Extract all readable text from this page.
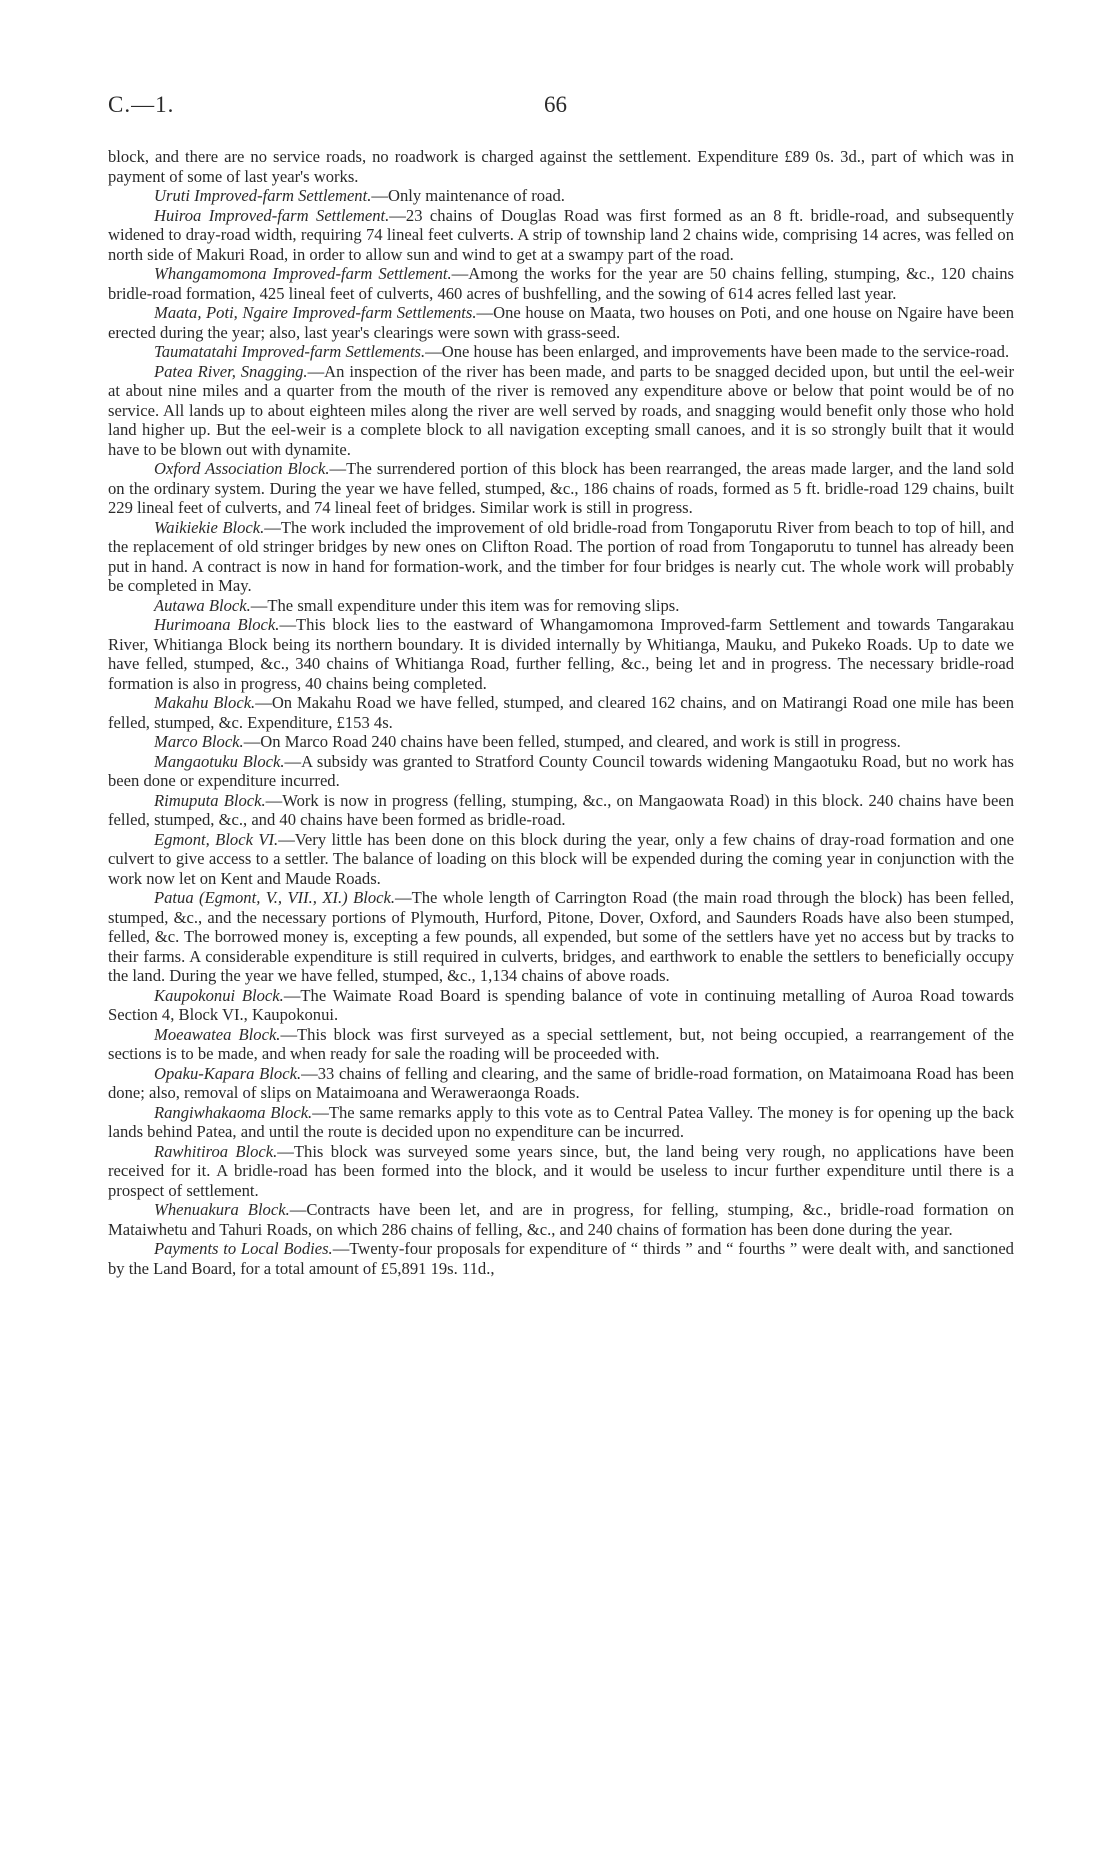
C.—1.	66

block, and there are no service roads, no roadwork is charged against the settlement. Expenditure £89 0s. 3d., part of which was in payment of some of last year's works.

Uruti Improved-farm Settlement.—Only maintenance of road.

Huiroa Improved-farm Settlement.—23 chains of Douglas Road was first formed as an 8 ft. bridle-road, and subsequently widened to dray-road width, requiring 74 lineal feet culverts. A strip of township land 2 chains wide, comprising 14 acres, was felled on north side of Makuri Road, in order to allow sun and wind to get at a swampy part of the road.

Whangamomona Improved-farm Settlement.—Among the works for the year are 50 chains felling, stumping, &c., 120 chains bridle-road formation, 425 lineal feet of culverts, 460 acres of bushfelling, and the sowing of 614 acres felled last year.

Maata, Poti, Ngaire Improved-farm Settlements.—One house on Maata, two houses on Poti, and one house on Ngaire have been erected during the year; also, last year's clearings were sown with grass-seed.

Taumatatahi Improved-farm Settlements.—One house has been enlarged, and improvements have been made to the service-road.

Patea River, Snagging.—An inspection of the river has been made, and parts to be snagged decided upon, but until the eel-weir at about nine miles and a quarter from the mouth of the river is removed any expenditure above or below that point would be of no service. All lands up to about eighteen miles along the river are well served by roads, and snagging would benefit only those who hold land higher up. But the eel-weir is a complete block to all navigation excepting small canoes, and it is so strongly built that it would have to be blown out with dynamite.

Oxford Association Block.—The surrendered portion of this block has been rearranged, the areas made larger, and the land sold on the ordinary system. During the year we have felled, stumped, &c., 186 chains of roads, formed as 5 ft. bridle-road 129 chains, built 229 lineal feet of culverts, and 74 lineal feet of bridges. Similar work is still in progress.

Waikiekie Block.—The work included the improvement of old bridle-road from Tongaporutu River from beach to top of hill, and the replacement of old stringer bridges by new ones on Clifton Road. The portion of road from Tongaporutu to tunnel has already been put in hand. A contract is now in hand for formation-work, and the timber for four bridges is nearly cut. The whole work will probably be completed in May.

Autawa Block.—The small expenditure under this item was for removing slips.

Hurimoana Block.—This block lies to the eastward of Whangamomona Improved-farm Settlement and towards Tangarakau River, Whitianga Block being its northern boundary. It is divided internally by Whitianga, Mauku, and Pukeko Roads. Up to date we have felled, stumped, &c., 340 chains of Whitianga Road, further felling, &c., being let and in progress. The necessary bridle-road formation is also in progress, 40 chains being completed.

Makahu Block.—On Makahu Road we have felled, stumped, and cleared 162 chains, and on Matirangi Road one mile has been felled, stumped, &c. Expenditure, £153 4s.

Marco Block.—On Marco Road 240 chains have been felled, stumped, and cleared, and work is still in progress.

Mangaotuku Block.—A subsidy was granted to Stratford County Council towards widening Mangaotuku Road, but no work has been done or expenditure incurred.

Rimuputa Block.—Work is now in progress (felling, stumping, &c., on Mangaowata Road) in this block. 240 chains have been felled, stumped, &c., and 40 chains have been formed as bridle-road.

Egmont, Block VI.—Very little has been done on this block during the year, only a few chains of dray-road formation and one culvert to give access to a settler. The balance of loading on this block will be expended during the coming year in conjunction with the work now let on Kent and Maude Roads.

Patua (Egmont, V., VII., XI.) Block.—The whole length of Carrington Road (the main road through the block) has been felled, stumped, &c., and the necessary portions of Plymouth, Hurford, Pitone, Dover, Oxford, and Saunders Roads have also been stumped, felled, &c. The borrowed money is, excepting a few pounds, all expended, but some of the settlers have yet no access but by tracks to their farms. A considerable expenditure is still required in culverts, bridges, and earthwork to enable the settlers to beneficially occupy the land. During the year we have felled, stumped, &c., 1,134 chains of above roads.

Kaupokonui Block.—The Waimate Road Board is spending balance of vote in continuing metalling of Auroa Road towards Section 4, Block VI., Kaupokonui.

Moeawatea Block.—This block was first surveyed as a special settlement, but, not being occupied, a rearrangement of the sections is to be made, and when ready for sale the roading will be proceeded with.

Opaku-Kapara Block.—33 chains of felling and clearing, and the same of bridle-road formation, on Mataimoana Road has been done; also, removal of slips on Mataimoana and Weraweraonga Roads.

Rangiwhakaoma Block.—The same remarks apply to this vote as to Central Patea Valley. The money is for opening up the back lands behind Patea, and until the route is decided upon no expenditure can be incurred.

Rawhitiroa Block.—This block was surveyed some years since, but, the land being very rough, no applications have been received for it. A bridle-road has been formed into the block, and it would be useless to incur further expenditure until there is a prospect of settlement.

Whenuakura Block.—Contracts have been let, and are in progress, for felling, stumping, &c., bridle-road formation on Mataiwhetu and Tahuri Roads, on which 286 chains of felling, &c., and 240 chains of formation has been done during the year.

Payments to Local Bodies.—Twenty-four proposals for expenditure of “ thirds ” and “ fourths ” were dealt with, and sanctioned by the Land Board, for a total amount of £5,891 19s. 11d.,
